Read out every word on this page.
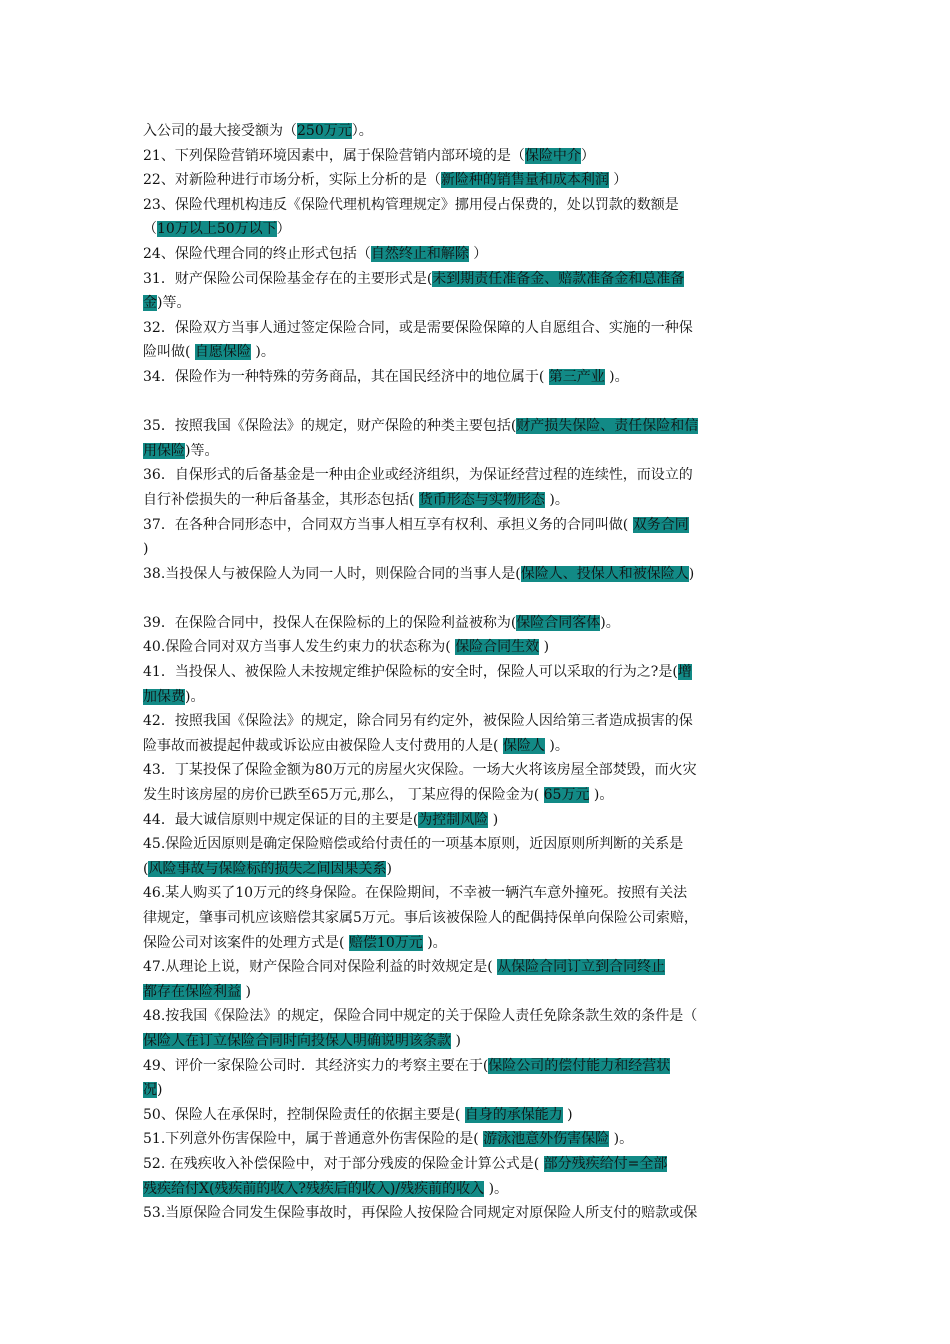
入公司的最大接受额为（250万元）。
21、下列保险营销环境因素中，属于保险营销内部环境的是（保险中介）
22、对新险种进行市场分析，实际上分析的是（新险种的销售量和成本利润 ）
23、保险代理机构违反《保险代理机构管理规定》挪用侵占保费的，处以罚款的数额是
（10万以上50万以下）
24、保险代理合同的终止形式包括（自然终止和解除 ）
31．财产保险公司保险基金存在的主要形式是(未到期责任准备金、赔款准备金和总准备
金)等。
32．保险双方当事人通过签定保险合同，或是需要保险保障的人自愿组合、实施的一种保
险叫做( 自愿保险 )。
34．保险作为一种特殊的劳务商品，其在国民经济中的地位属于( 第三产业 )。
35．按照我国《保险法》的规定，财产保险的种类主要包括(财产损失保险、责任保险和信
用保险)等。
36．自保形式的后备基金是一种由企业或经济组织，为保证经营过程的连续性，而设立的
自行补偿损失的一种后备基金，其形态包括( 货币形态与实物形态 )。
37．在各种合同形态中，合同双方当事人相互享有权利、承担义务的合同叫做( 双务合同
)
38.当投保人与被保险人为同一人时，则保险合同的当事人是(保险人、投保人和被保险人)
39．在保险合同中，投保人在保险标的上的保险利益被称为(保险合同客体)。
40.保险合同对双方当事人发生约束力的状态称为( 保险合同生效 )
41．当投保人、被保险人未按规定维护保险标的安全时，保险人可以采取的行为之?是(增
加保费)。
42．按照我国《保险法》的规定，除合同另有约定外，被保险人因给第三者造成损害的保
险事故而被提起仲裁或诉讼应由被保险人支付费用的人是( 保险人 )。
43．丁某投保了保险金额为80万元的房屋火灾保险。一场大火将该房屋全部焚毁，而火灾
发生时该房屋的房价已跌至65万元,那么， 丁某应得的保险金为( 65万元 )。
44．最大诚信原则中规定保证的目的主要是(为控制风险 )
45.保险近因原则是确定保险赔偿或给付责任的一项基本原则，近因原则所判断的关系是
(风险事故与保险标的损失之间因果关系)
46.某人购买了10万元的终身保险。在保险期间，不幸被一辆汽车意外撞死。按照有关法
律规定，肇事司机应该赔偿其家属5万元。事后该被保险人的配偶持保单向保险公司索赔，
保险公司对该案件的处理方式是( 赔偿10万元 )。
47.从理论上说，财产保险合同对保险利益的时效规定是( 从保险合同订立到合同终止
都存在保险利益 )
48.按我国《保险法》的规定，保险合同中规定的关于保险人责任免除条款生效的条件是（
保险人在订立保险合同时向投保人明确说明该条款 )
49、评价一家保险公司时．其经济实力的考察主要在于(保险公司的偿付能力和经营状
况)
50、保险人在承保时，控制保险责任的依据主要是( 自身的承保能力 )
51.下列意外伤害保险中，属于普通意外伤害保险的是( 游泳池意外伤害保险 )。
52. 在残疾收入补偿保险中，对于部分残废的保险金计算公式是( 部分残疾给付=全部
残疾给付X(残疾前的收入?残疾后的收入)/残疾前的收入 )。
53.当原保险合同发生保险事故时，再保险人按保险合同规定对原保险人所支付的赔款或保
